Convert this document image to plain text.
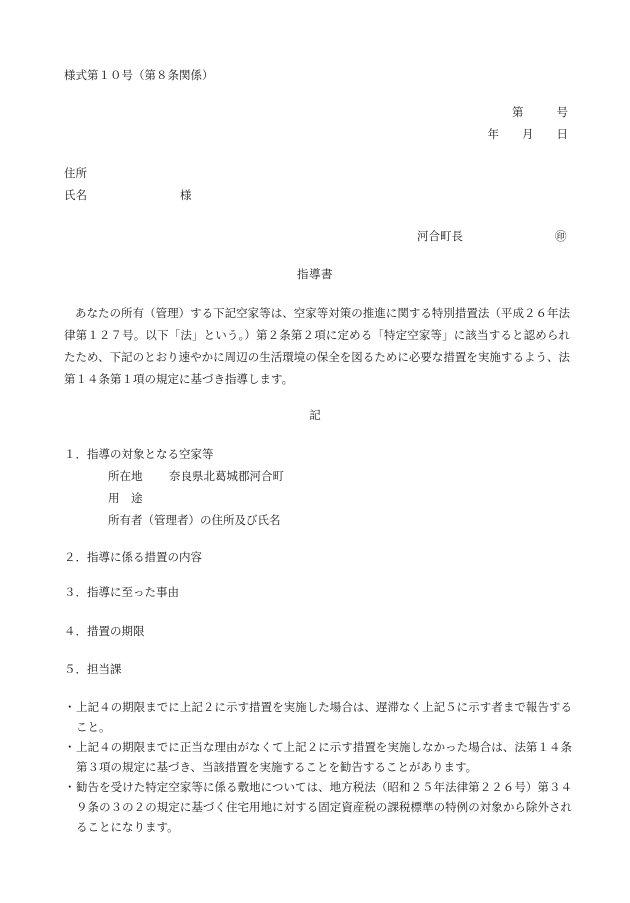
様式第１０号（第８条関係）
第	号
年 月 日
住所
氏名	様
河合町長	㊞
指導書
あなたの所有（管理）する下記空家等は、空家等対策の推進に関する特別措置法（平成２６年法律第１２７号。以下「法」という。）第２条第２項に定める「特定空家等」に該当すると認められたため、下記のとおり速やかに周辺の生活環境の保全を図るために必要な措置を実施するよう、法第１４条第１項の規定に基づき指導します。
記
１．指導の対象となる空家等
所在地 奈良県北葛城郡河合町
用　途
所有者（管理者）の住所及び氏名
２．指導に係る措置の内容
３．指導に至った事由
４．措置の期限
５．担当課
・ 上記４の期限までに上記２に示す措置を実施した場合は、遅滞なく上記５に示す者まで報告すること。
・ 上記４の期限までに正当な理由がなくて上記２に示す措置を実施しなかった場合は、法第１４条第３項の規定に基づき、当該措置を実施することを勧告することがあります。
・ 勧告を受けた特定空家等に係る敷地については、地方税法（昭和２５年法律第２２６号）第３４９条の３の２の規定に基づく住宅用地に対する固定資産税の課税標準の特例の対象から除外されることになります。
